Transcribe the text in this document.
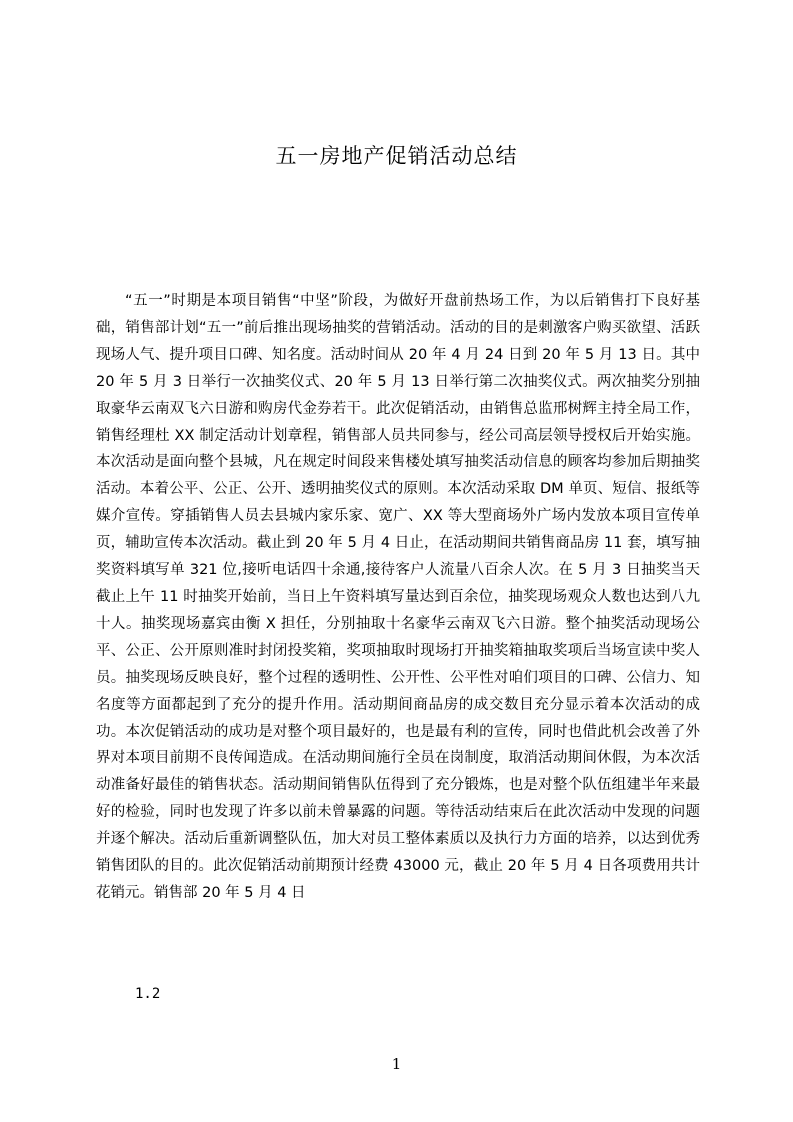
五一房地产促销活动总结

“五一”时期是本项目销售“中坚”阶段，为做好开盘前热场工作，为以后销售打下良好基础，销售部计划“五一”前后推出现场抽奖的营销活动。活动的目的是刺激客户购买欲望、活跃现场人气、提升项目口碑、知名度。活动时间从 20 年 4 月 24 日到 20 年 5 月 13 日。其中 20 年 5 月 3 日举行一次抽奖仪式、20 年 5 月 13 日举行第二次抽奖仪式。两次抽奖分别抽取豪华云南双飞六日游和购房代金券若干。此次促销活动，由销售总监邢树辉主持全局工作，销售经理杜 XX 制定活动计划章程，销售部人员共同参与，经公司高层领导授权后开始实施。本次活动是面向整个县城，凡在规定时间段来售楼处填写抽奖活动信息的顾客均参加后期抽奖活动。本着公平、公正、公开、透明抽奖仪式的原则。本次活动采取 DM 单页、短信、报纸等媒介宣传。穿插销售人员去县城内家乐家、宽广、XX 等大型商场外广场内发放本项目宣传单页，辅助宣传本次活动。截止到 20 年 5 月 4 日止，在活动期间共销售商品房 11 套，填写抽奖资料填写单 321 位,接听电话四十余通,接待客户人流量八百余人次。在 5 月 3 日抽奖当天截止上午 11 时抽奖开始前，当日上午资料填写量达到百余位，抽奖现场观众人数也达到八九十人。抽奖现场嘉宾由衡 X 担任，分别抽取十名豪华云南双飞六日游。整个抽奖活动现场公平、公正、公开原则准时封闭投奖箱，奖项抽取时现场打开抽奖箱抽取奖项后当场宣读中奖人员。抽奖现场反映良好，整个过程的透明性、公开性、公平性对咱们项目的口碑、公信力、知名度等方面都起到了充分的提升作用。活动期间商品房的成交数目充分显示着本次活动的成功。本次促销活动的成功是对整个项目最好的，也是最有利的宣传，同时也借此机会改善了外界对本项目前期不良传闻造成。在活动期间施行全员在岗制度，取消活动期间休假，为本次活动准备好最佳的销售状态。活动期间销售队伍得到了充分锻炼，也是对整个队伍组建半年来最好的检验，同时也发现了许多以前未曾暴露的问题。等待活动结束后在此次活动中发现的问题并逐个解决。活动后重新调整队伍，加大对员工整体素质以及执行力方面的培养，以达到优秀销售团队的目的。此次促销活动前期预计经费 43000 元，截止 20 年 5 月 4 日各项费用共计花销元。销售部 20 年 5 月 4 日

1.2
1
